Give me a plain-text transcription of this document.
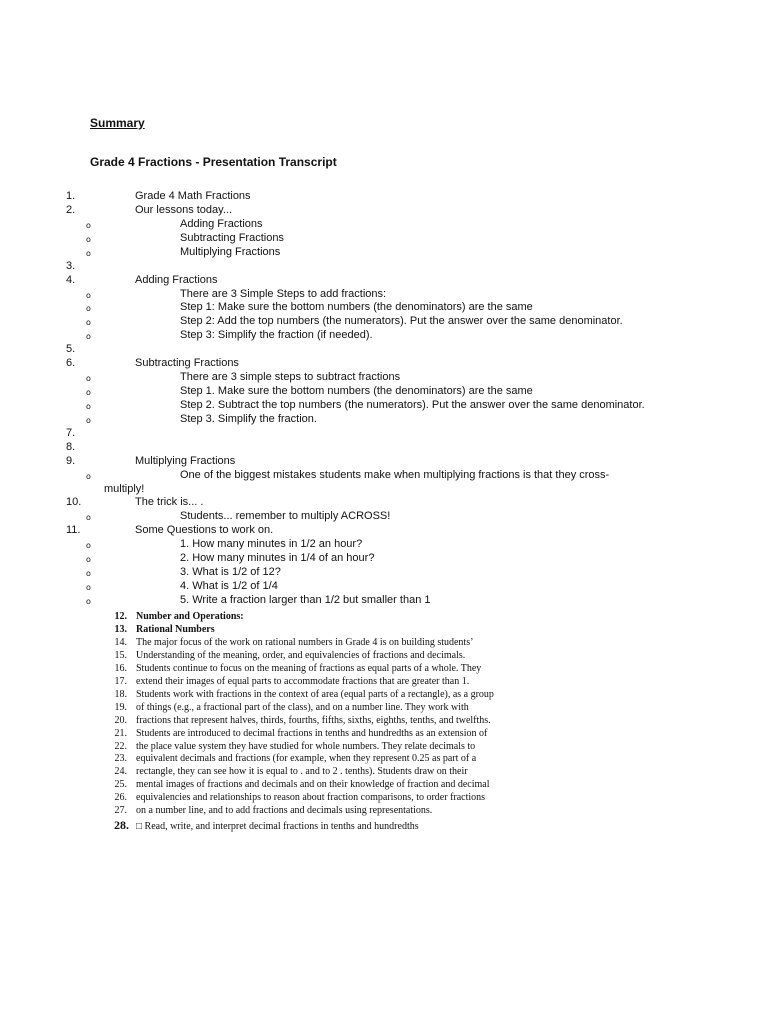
Summary
Grade 4 Fractions - Presentation Transcript
1.	Grade 4 Math Fractions
2.	Our lessons today...
o	Adding Fractions
o	Subtracting Fractions
o	Multiplying Fractions
3.
4.	Adding Fractions
o	There are 3 Simple Steps to add fractions:
o	Step 1: Make sure the bottom numbers (the denominators) are the same
o	Step 2: Add the top numbers (the numerators). Put the answer over the same denominator.
o	Step 3: Simplify the fraction (if needed).
5.
6.	Subtracting Fractions
o	There are 3 simple steps to subtract fractions
o	Step 1. Make sure the bottom numbers (the denominators) are the same
o	Step 2. Subtract the top numbers (the numerators). Put the answer over the same denominator.
o	Step 3. Simplify the fraction.
7.
8.
9.	Multiplying Fractions
o	One of the biggest mistakes students make when multiplying fractions is that they cross-
multiply!
10.	The trick is... .
o	Students... remember to multiply ACROSS!
11.	Some Questions to work on.
o	1. How many minutes in 1/2 an hour?
o	2. How many minutes in 1/4 of an hour?
o	3. What is 1/2 of 12?
o	4. What is 1/2 of 1/4
o	5. Write a fraction larger than 1/2 but smaller than 1
12. Number and Operations:
13. Rational Numbers
14. The major focus of the work on rational numbers in Grade 4 is on building students’
15. Understanding of the meaning, order, and equivalencies of fractions and decimals.
16. Students continue to focus on the meaning of fractions as equal parts of a whole. They
17. extend their images of equal parts to accommodate fractions that are greater than 1.
18. Students work with fractions in the context of area (equal parts of a rectangle), as a group
19. of things (e.g., a fractional part of the class), and on a number line. They work with
20. fractions that represent halves, thirds, fourths, fifths, sixths, eighths, tenths, and twelfths.
21. Students are introduced to decimal fractions in tenths and hundredths as an extension of
22. the place value system they have studied for whole numbers. They relate decimals to
23. equivalent decimals and fractions (for example, when they represent 0.25 as part of a
24. rectangle, they can see how it is equal to . and to 2 . tenths). Students draw on their
25. mental images of fractions and decimals and on their knowledge of fraction and decimal
26. equivalencies and relationships to reason about fraction comparisons, to order fractions
27. on a number line, and to add fractions and decimals using representations.
28. □ Read, write, and interpret decimal fractions in tenths and hundredths
